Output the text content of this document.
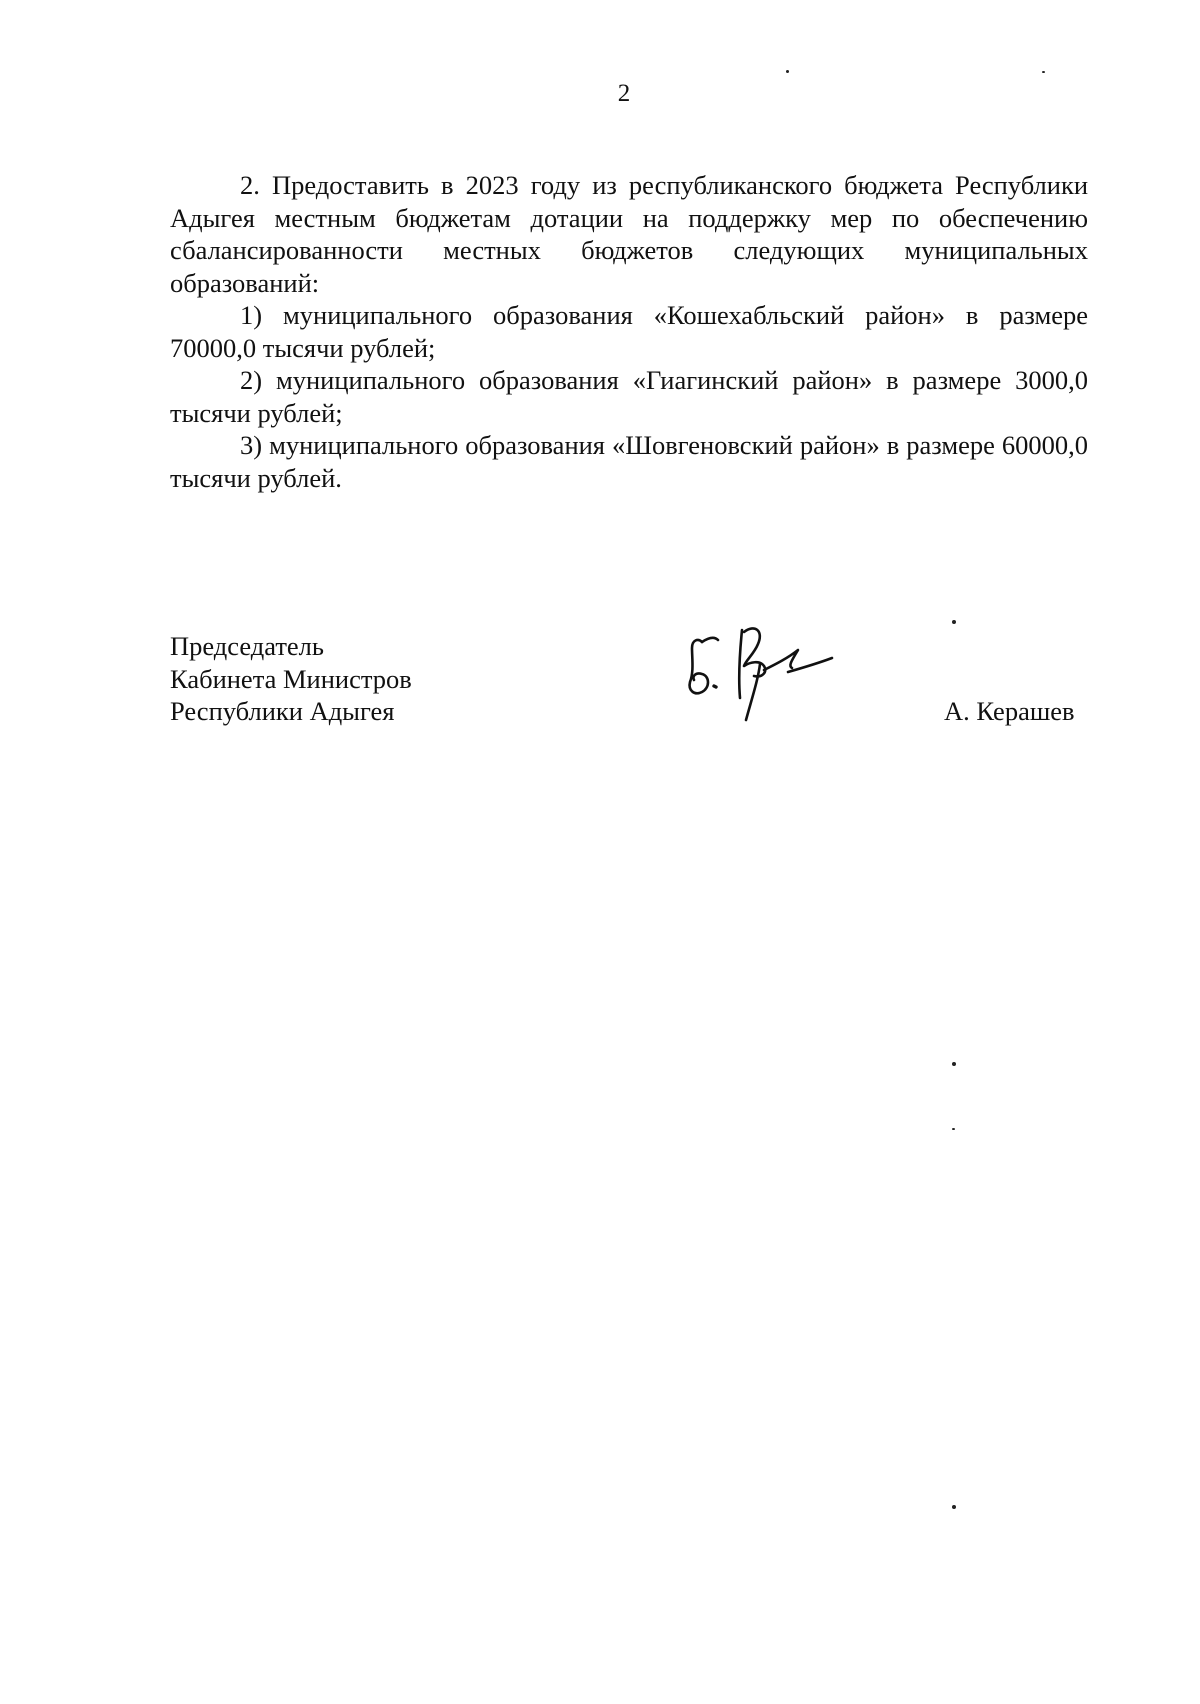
2

2. Предоставить в 2023 году из республиканского бюджета Республики Адыгея местным бюджетам дотации на поддержку мер по обеспечению сбалансированности местных бюджетов следующих муниципальных образований:

1) муниципального образования «Кошехабльский район» в размере 70000,0 тысячи рублей;

2) муниципального образования «Гиагинский район» в размере 3000,0 тысячи рублей;

3) муниципального образования «Шовгеновский район» в размере 60000,0 тысячи рублей.

Председатель
Кабинета Министров
Республики Адыгея	А. Керашев
